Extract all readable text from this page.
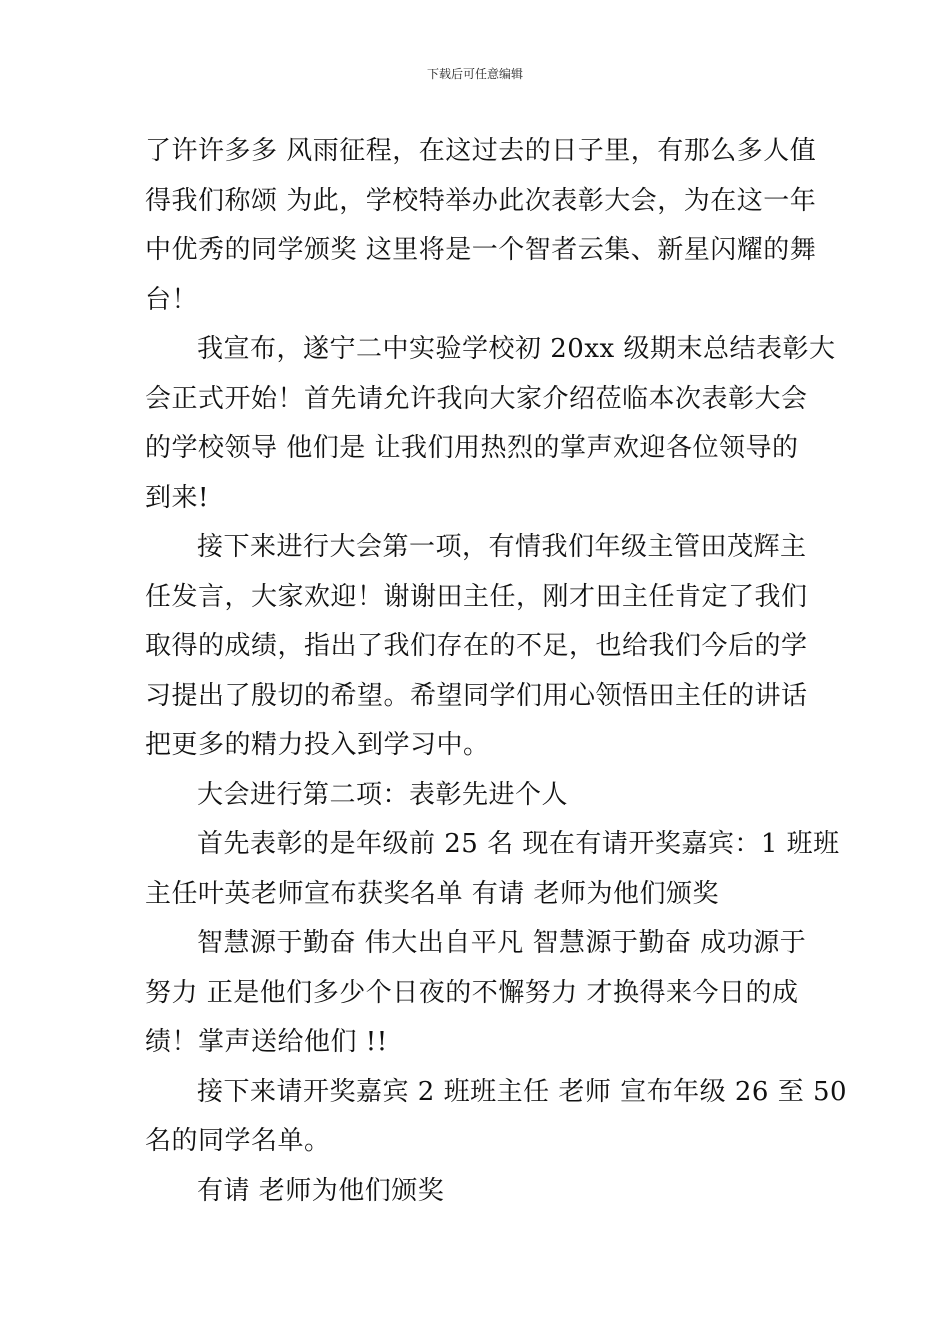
下载后可任意编辑
了许许多多 风雨征程，在这过去的日子里，有那么多人值
得我们称颂 为此，学校特举办此次表彰大会，为在这一年
中优秀的同学颁奖 这里将是一个智者云集、新星闪耀的舞
台！
我宣布，遂宁二中实验学校初 20xx 级期末总结表彰大
会正式开始！首先请允许我向大家介绍莅临本次表彰大会
的学校领导 他们是 让我们用热烈的掌声欢迎各位领导的
到来!
接下来进行大会第一项，有情我们年级主管田茂辉主
任发言，大家欢迎！谢谢田主任，刚才田主任肯定了我们
取得的成绩，指出了我们存在的不足，也给我们今后的学
习提出了殷切的希望。希望同学们用心领悟田主任的讲话
把更多的精力投入到学习中。
大会进行第二项：表彰先进个人
首先表彰的是年级前 25 名 现在有请开奖嘉宾：1 班班
主任叶英老师宣布获奖名单 有请 老师为他们颁奖
智慧源于勤奋 伟大出自平凡 智慧源于勤奋 成功源于
努力 正是他们多少个日夜的不懈努力 才换得来今日的成
绩！掌声送给他们 !!
接下来请开奖嘉宾 2 班班主任 老师 宣布年级 26 至 50
名的同学名单。
有请 老师为他们颁奖
